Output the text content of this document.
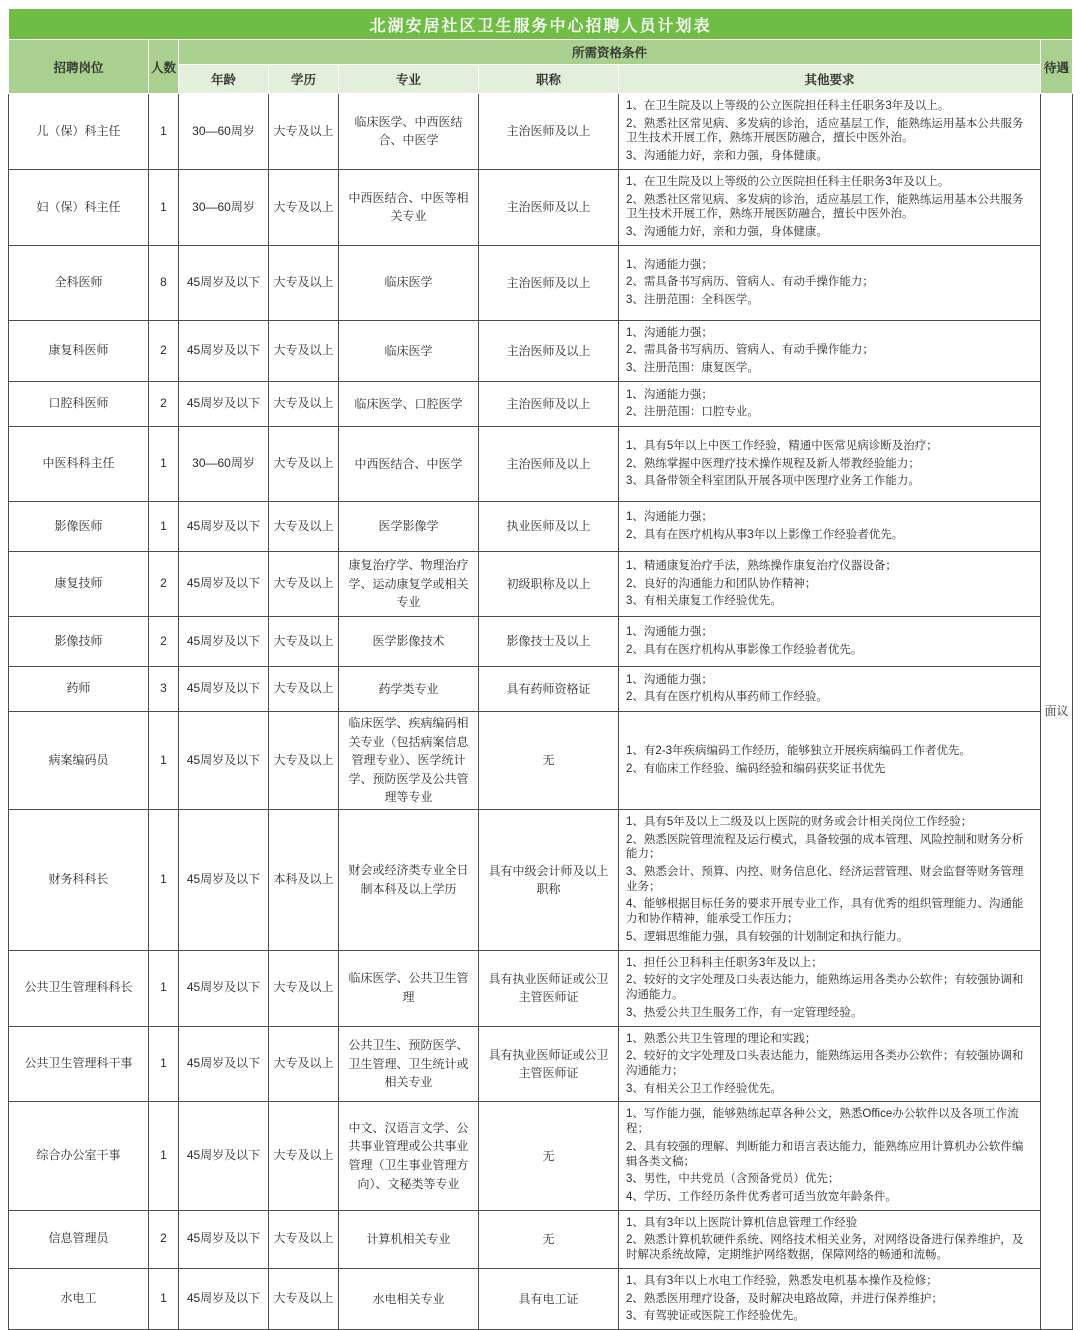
北湖安居社区卫生服务中心招聘人员计划表							
招聘岗位	人数	所需资格条件					待遇
		年龄	学历	专业	职称	其他要求	
儿（保）科主任	1	30—60周岁	大专及以上	临床医学、中西医结合、中医学	主治医师及以上	1、在卫生院及以上等级的公立医院担任科主任职务3年及以上。
2、熟悉社区常见病、多发病的诊治，适应基层工作，能熟练运用基本公共服务卫生技术开展工作，熟练开展医防融合，擅长中医外治。
3、沟通能力好，亲和力强，身体健康。	面议
妇（保）科主任	1	30—60周岁	大专及以上	中西医结合、中医等相关专业	主治医师及以上	1、在卫生院及以上等级的公立医院担任科主任职务3年及以上。
2、熟悉社区常见病、多发病的诊治，适应基层工作，能熟练运用基本公共服务卫生技术开展工作，熟练开展医防融合，擅长中医外治。
3、沟通能力好，亲和力强，身体健康。	

全科医师	8	45周岁及以下	大专及以上	临床医学	主治医师及以上	1、沟通能力强；
2、需具备书写病历、管病人、有动手操作能力；
3、注册范围：全科医学。	

康复科医师	2	45周岁及以下	大专及以上	临床医学	主治医师及以上	1、沟通能力强；
2、需具备书写病历、管病人、有动手操作能力；
3、注册范围：康复医学。	

口腔科医师	2	45周岁及以下	大专及以上	临床医学、口腔医学	主治医师及以上	1、沟通能力强；
2、注册范围：口腔专业。	

中医科科主任	1	30—60周岁	大专及以上	中西医结合、中医学	主治医师及以上	1、具有5年以上中医工作经验，精通中医常见病诊断及治疗；
2、熟练掌握中医理疗技术操作规程及新人带教经验能力；
3、具备带领全科室团队开展各项中医理疗业务工作能力。	

影像医师	1	45周岁及以下	大专及以上	医学影像学	执业医师及以上	1、沟通能力强；
2、具有在医疗机构从事3年以上影像工作经验者优先。	

康复技师	2	45周岁及以下	大专及以上	康复治疗学、物理治疗学、运动康复学或相关专业	初级职称及以上	1、精通康复治疗手法，熟练操作康复治疗仪器设备；
2、良好的沟通能力和团队协作精神；
3、有相关康复工作经验优先。	

影像技师	2	45周岁及以下	大专及以上	医学影像技术	影像技士及以上	1、沟通能力强；
2、具有在医疗机构从事影像工作经验者优先。	

药师	3	45周岁及以下	大专及以上	药学类专业	具有药师资格证	1、沟通能力强；
2、具有在医疗机构从事药师工作经验。	

病案编码员	1	45周岁及以下	大专及以上	临床医学、疾病编码相关专业（包括病案信息管理专业）、医学统计学、预防医学及公共管理等专业	无	1、有2-3年疾病编码工作经历，能够独立开展疾病编码工作者优先。
2、有临床工作经验、编码经验和编码获奖证书优先	

财务科科长	1	45周岁及以下	本科及以上	财会或经济类专业全日制本科及以上学历	具有中级会计师及以上职称	1、具有5年及以上二级及以上医院的财务或会计相关岗位工作经验；
2、熟悉医院管理流程及运行模式，具备较强的成本管理、风险控制和财务分析能力；
3、熟悉会计、预算、内控、财务信息化、经济运营管理、财会监督等财务管理业务；
4、能够根据目标任务的要求开展专业工作，具有优秀的组织管理能力、沟通能力和协作精神，能承受工作压力；
5、逻辑思维能力强，具有较强的计划制定和执行能力。	

公共卫生管理科科长	1	45周岁及以下	大专及以上	临床医学、公共卫生管理	具有执业医师证或公卫主管医师证	1、担任公卫科科主任职务3年及以上；
2、较好的文字处理及口头表达能力，能熟练运用各类办公软件；有较强协调和沟通能力。
3、热爱公共卫生服务工作，有一定管理经验。	

公共卫生管理科干事	1	45周岁及以下	大专及以上	公共卫生、预防医学、卫生管理、卫生统计或相关专业	具有执业医师证或公卫主管医师证	1、熟悉公共卫生管理的理论和实践；
2、较好的文字处理及口头表达能力，能熟练运用各类办公软件；有较强协调和沟通能力；
3、有相关公卫工作经验优先。	

综合办公室干事	1	45周岁及以下	大专及以上	中文、汉语言文学、公共事业管理或公共事业管理（卫生事业管理方向）、文秘类等专业	无	1、写作能力强，能够熟练起草各种公文，熟悉Office办公软件以及各项工作流程；
2、具有较强的理解、判断能力和语言表达能力，能熟练应用计算机办公软件编辑各类文稿；
3、男性，中共党员（含预备党员）优先；
4、学历、工作经历条件优秀者可适当放宽年龄条件。	

信息管理员	2	45周岁及以下	大专及以上	计算机相关专业	无	1、具有3年以上医院计算机信息管理工作经验
2、熟悉计算机软硬件系统、网络技术相关业务，对网络设备进行保养维护，及时解决系统故障，定期维护网络数据，保障网络的畅通和流畅。	

水电工	1	45周岁及以下	大专及以上	水电相关专业	具有电工证	1、具有3年以上水电工作经验，熟悉发电机基本操作及检修；
2、熟悉医用理疗设备，及时解决电路故障，并进行保养维护；
3、有驾驶证或医院工作经验优先。	
